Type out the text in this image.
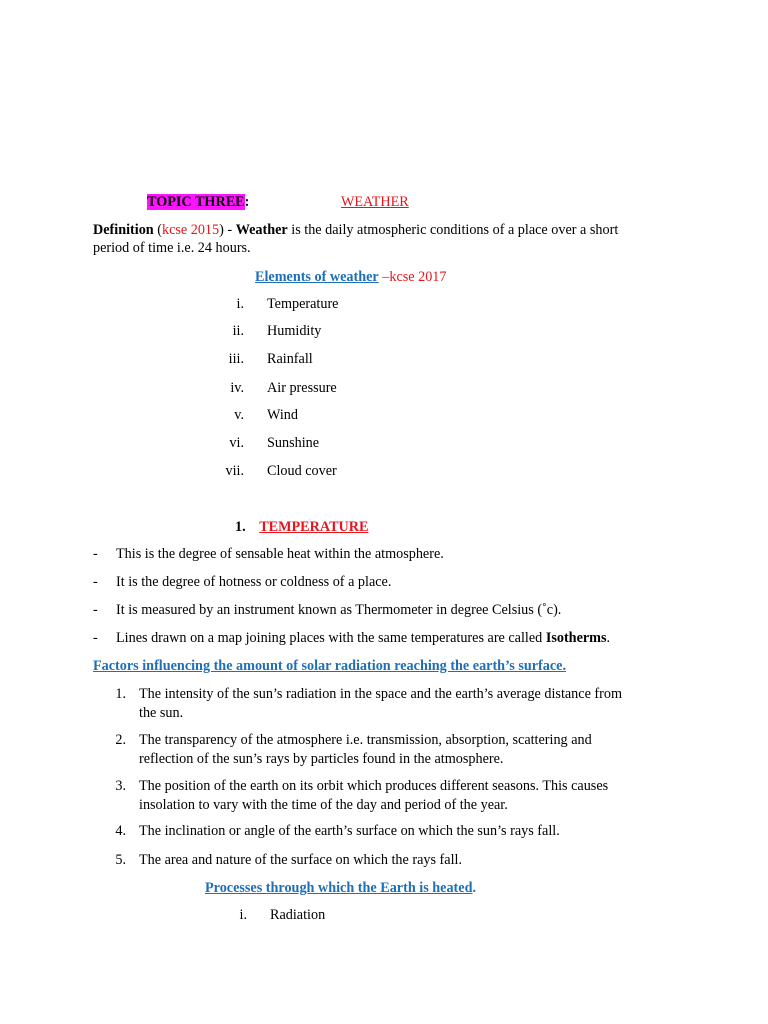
TOPIC THREE:	WEATHER
Definition (kcse 2015) - Weather is the daily atmospheric conditions of a place over a short
period of time i.e. 24 hours.
Elements of weather –kcse 2017
i. Temperature
ii. Humidity
iii. Rainfall
iv. Air pressure
v. Wind
vi. Sunshine
vii. Cloud cover
1. TEMPERATURE
- This is the degree of sensable heat within the atmosphere.
- It is the degree of hotness or coldness of a place.
- It is measured by an instrument known as Thermometer in degree Celsius (˚c).
- Lines drawn on a map joining places with the same temperatures are called Isotherms.
Factors influencing the amount of solar radiation reaching the earth’s surface.
1. The intensity of the sun’s radiation in the space and the earth’s average distance from
the sun.
2. The transparency of the atmosphere i.e. transmission, absorption, scattering and
reflection of the sun’s rays by particles found in the atmosphere.
3. The position of the earth on its orbit which produces different seasons. This causes
insolation to vary with the time of the day and period of the year.
4. The inclination or angle of the earth’s surface on which the sun’s rays fall.
5. The area and nature of the surface on which the rays fall.
Processes through which the Earth is heated.
i. Radiation
